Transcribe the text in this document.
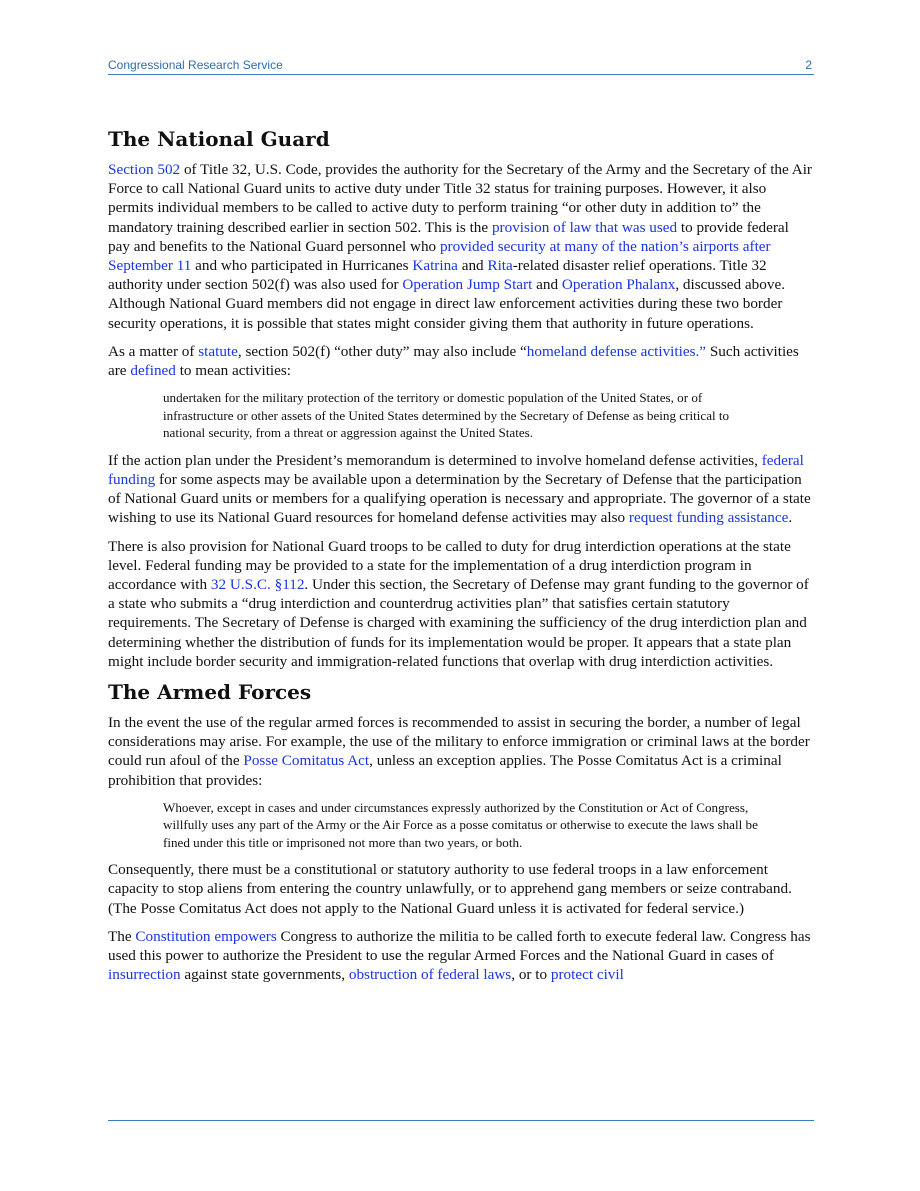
Congressional Research Service	2
The National Guard

Section 502 of Title 32, U.S. Code, provides the authority for the Secretary of the Army and the Secretary of the Air Force to call National Guard units to active duty under Title 32 status for training purposes. However, it also permits individual members to be called to active duty to perform training “or other duty in addition to” the mandatory training described earlier in section 502. This is the provision of law that was used to provide federal pay and benefits to the National Guard personnel who provided security at many of the nation’s airports after September 11 and who participated in Hurricanes Katrina and Rita-related disaster relief operations. Title 32 authority under section 502(f) was also used for Operation Jump Start and Operation Phalanx, discussed above. Although National Guard members did not engage in direct law enforcement activities during these two border security operations, it is possible that states might consider giving them that authority in future operations.

As a matter of statute, section 502(f) “other duty” may also include “homeland defense activities.” Such activities are defined to mean activities:

undertaken for the military protection of the territory or domestic population of the United States, or of infrastructure or other assets of the United States determined by the Secretary of Defense as being critical to national security, from a threat or aggression against the United States.

If the action plan under the President’s memorandum is determined to involve homeland defense activities, federal funding for some aspects may be available upon a determination by the Secretary of Defense that the participation of National Guard units or members for a qualifying operation is necessary and appropriate. The governor of a state wishing to use its National Guard resources for homeland defense activities may also request funding assistance.

There is also provision for National Guard troops to be called to duty for drug interdiction operations at the state level. Federal funding may be provided to a state for the implementation of a drug interdiction program in accordance with 32 U.S.C. §112. Under this section, the Secretary of Defense may grant funding to the governor of a state who submits a “drug interdiction and counterdrug activities plan” that satisfies certain statutory requirements. The Secretary of Defense is charged with examining the sufficiency of the drug interdiction plan and determining whether the distribution of funds for its implementation would be proper. It appears that a state plan might include border security and immigration-related functions that overlap with drug interdiction activities.

The Armed Forces

In the event the use of the regular armed forces is recommended to assist in securing the border, a number of legal considerations may arise. For example, the use of the military to enforce immigration or criminal laws at the border could run afoul of the Posse Comitatus Act, unless an exception applies. The Posse Comitatus Act is a criminal prohibition that provides:

Whoever, except in cases and under circumstances expressly authorized by the Constitution or Act of Congress, willfully uses any part of the Army or the Air Force as a posse comitatus or otherwise to execute the laws shall be fined under this title or imprisoned not more than two years, or both.

Consequently, there must be a constitutional or statutory authority to use federal troops in a law enforcement capacity to stop aliens from entering the country unlawfully, or to apprehend gang members or seize contraband. (The Posse Comitatus Act does not apply to the National Guard unless it is activated for federal service.)

The Constitution empowers Congress to authorize the militia to be called forth to execute federal law. Congress has used this power to authorize the President to use the regular Armed Forces and the National Guard in cases of insurrection against state governments, obstruction of federal laws, or to protect civil
